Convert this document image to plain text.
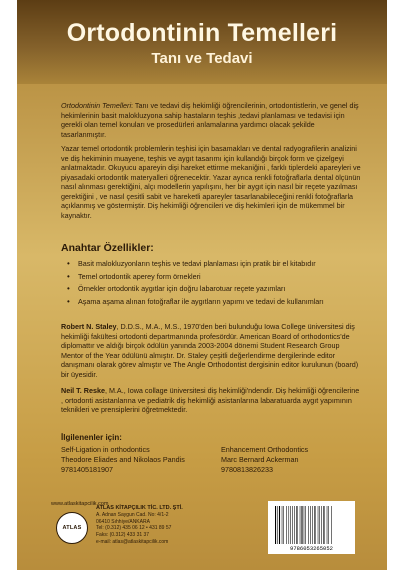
Ortodontinin Temelleri
Tanı ve Tedavi
Ortodontinin Temelleri: Tanı ve tedavi diş hekimliği öğrencilerinin, ortodontistlerin, ve genel diş hekimlerinin basit malokluzyona sahip hastaların teşhis ,tedavi planlaması ve tedavisi için gerekli olan temel konuları ve prosedürleri anlamalarına yardımcı olacak şekilde tasarlanmıştır.
Yazar temel ortodontik problemlerin teşhisi için basamakları ve dental radyografilerin analizini ve diş hekiminin muayene, teşhis ve aygıt tasarımı için kullandığı birçok form ve çizelgeyi anlatmaktadır. Okuyucu apareyin dişi hareket ettirme mekaniğini , farklı tiplerdeki apareyleri ve piyasadaki ortodontik materyalleri öğrenecektir. Yazar ayrıca renkli fotoğraflarla dental ölçünün nasıl alınması gerektiğini, alçı modellerin yapılışını, her bir aygıt için nasıl bir reçete yazılması gerektiğini , ve nasıl çesitli sabit ve hareketli apareyler tasarlanabileceğini renkli fotoğraflarla açıklanmış ve göstermiştir. Diş hekimliği öğrencileri ve diş hekimleri için de mükemmel bir kaynaktır.
Anahtar Özellikler:
• Basit malokluzyonların teşhis ve tedavi planlaması için pratik bir el kitabıdır
• Temel ortodontik aperey form örnekleri
• Örnekler ortodontik aygıtlar için doğru labarotuar reçete yazımları
• Aşama aşama alınan fotoğraflar ile aygıtların yapımı ve tedavi de kullanımları
Robert N. Staley, D.D.S., M.A., M.S., 1970'den beri bulunduğu Iowa College üniversitesi diş hekimliği fakültesi ortodonti departmanında profesördür. American Board of orthodontics'de diplomattır ve aldığı birçok ödülün yanında 2003-2004 dönemi Student Research Group Mentor of the Year ödülünü almıştır. Dr. Staley çeşitli değerlendirme dergilerinde editor danışmanı olarak görev almıştır ve The Angle Orthodontist dergisinin editor kurulunun (board) bir üyesidir.
Neil T. Reske, M.A., Iowa collage üniversitesi diş hekimliği'ndendir. Diş hekimliği öğrencilerine , ortodonti asistanlarına ve pediatrik diş hekimliği asistanlarına labaratuarda aygıt yapımının teknikleri ve prensiplerini öğretmektedir.
İlgilenenler için:
Self-Ligation in orthodontics
Theodore Eliades and Nikolaos Pandis
9781405181907
Enhancement Orthodontics
Marc Bernard Ackerman
9780813826233
www.atlaskitapcilik.com
ATLAS
ATLAS KİTAPÇILIK TİC. LTD. ŞTİ.
A. Adnan Saygun Cad. No: 4/1-2
06410 Sıhhiye/ANKARA
Tel: (0.312) 435 06 12 • 431 89 57
Faks: (0.312) 433 31 37
e-mail: atlas@atlaskitapcilik.com
9786053265052
